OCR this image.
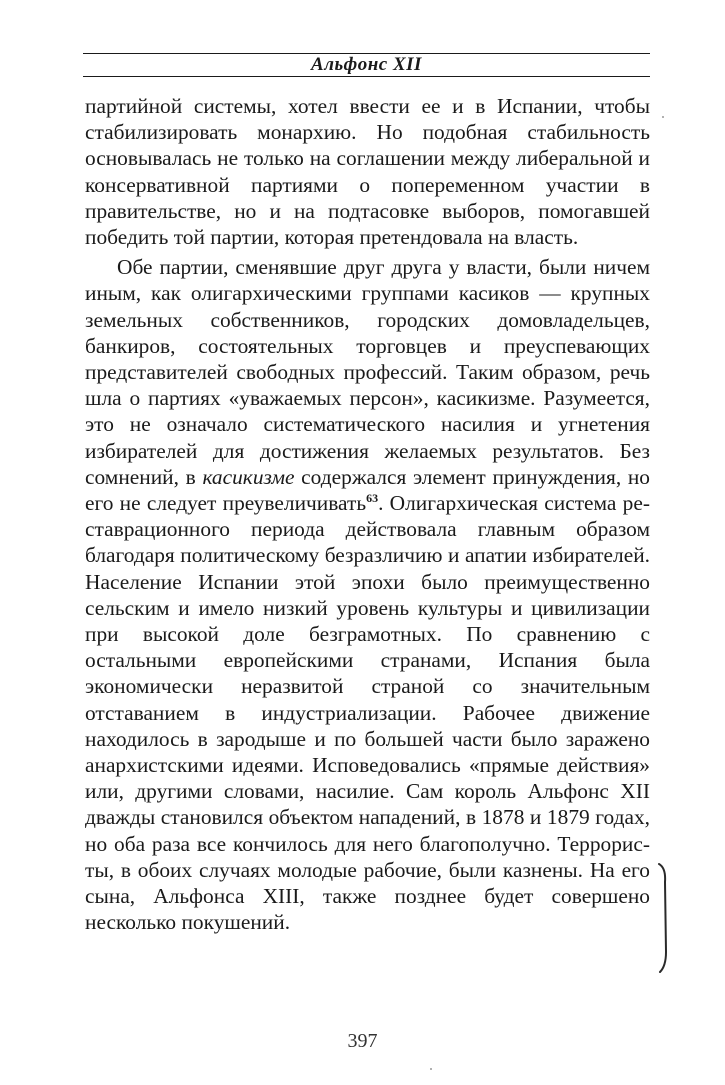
Альфонс XII

партийной системы, хотел ввести ее и в Испании, чтобы стабилизировать монархию. Но подобная стабильность основывалась не только на соглашении между либеральной и консервативной партиями о попеременном участии в правительстве, но и на подтасовке выборов, помогавшей победить той партии, которая претендовала на власть.

Обе партии, сменявшие друг друга у власти, были ничем иным, как олигархическими группами касиков — крупных земельных собственников, городских домовладельцев, банкиров, состоятельных торговцев и преуспевающих представителей свободных профессий. Таким образом, речь шла о партиях «уважаемых персон», касикизме. Разумеется, это не означало систематического насилия и угнетения избирателей для достижения желаемых результатов. Без сомнений, в касикизме содержался элемент принуждения, но его не следует преувеличивать$^{63}$. Олигархическая система реставрационного периода действовала главным образом благодаря политическому безразличию и апатии избирателей. Население Испании этой эпохи было преимущественно сельским и имело низкий уровень культуры и цивилизации при высокой доле безграмотных. По сравнению с остальными европейскими странами, Испания была экономически неразвитой страной со значительным отставанием в индустриализации. Рабочее движение находилось в зародыше и по большей части было заражено анархистскими идеями. Исповедовались «прямые действия» или, другими словами, насилие. Сам король Альфонс XII дважды становился объектом нападений, в 1878 и 1879 годах, но оба раза все кончилось для него благополучно. Террористы, в обоих случаях молодые рабочие, были казнены. На его сына, Альфонса XIII, также позднее будет совершено несколько покушений.

397
